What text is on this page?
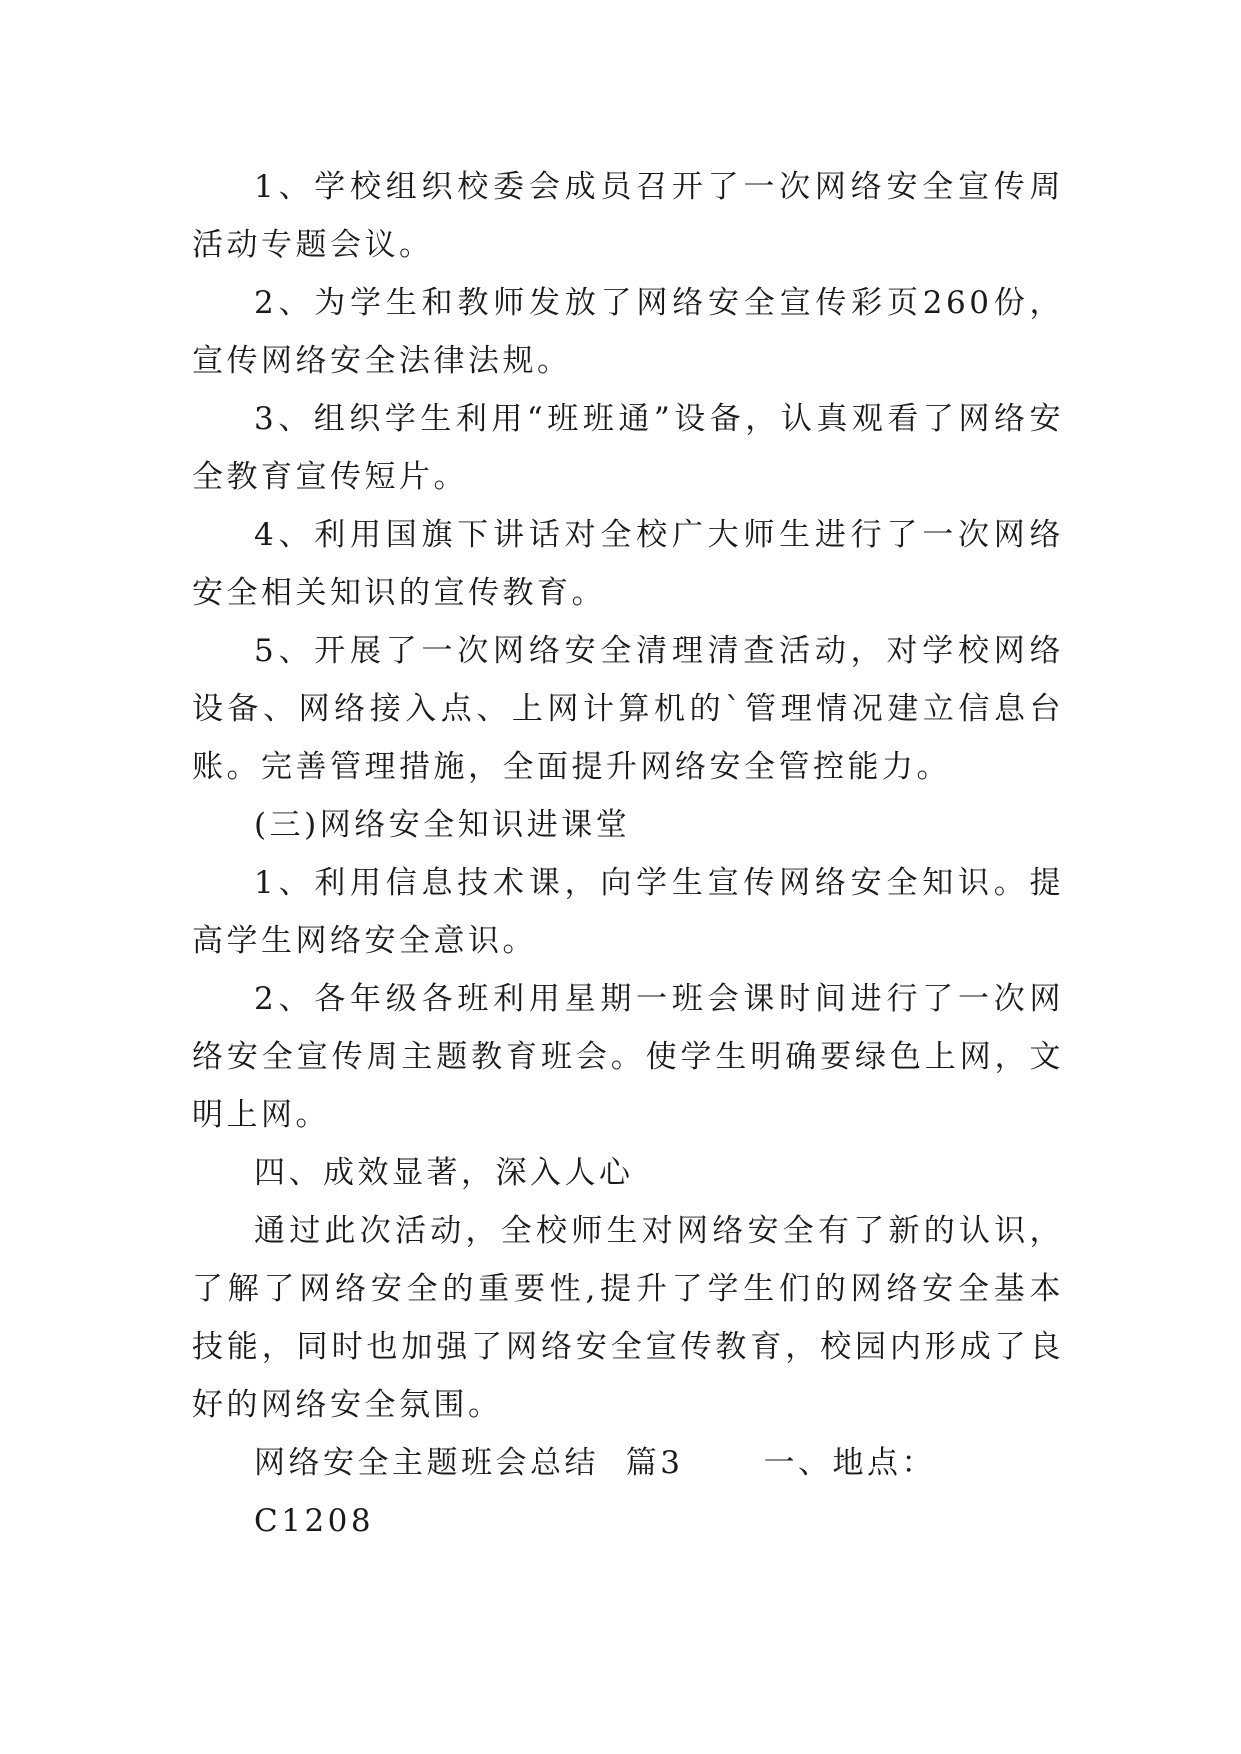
1、学校组织校委会成员召开了一次网络安全宣传周活动专题会议。

2、为学生和教师发放了网络安全宣传彩页260份，宣传网络安全法律法规。

3、组织学生利用“班班通”设备，认真观看了网络安全教育宣传短片。

4、利用国旗下讲话对全校广大师生进行了一次网络安全相关知识的宣传教育。

5、开展了一次网络安全清理清查活动，对学校网络设备、网络接入点、上网计算机的`管理情况建立信息台账。完善管理措施，全面提升网络安全管控能力。

(三)网络安全知识进课堂

1、利用信息技术课，向学生宣传网络安全知识。提高学生网络安全意识。

2、各年级各班利用星期一班会课时间进行了一次网络安全宣传周主题教育班会。使学生明确要绿色上网，文明上网。

四、成效显著，深入人心

通过此次活动，全校师生对网络安全有了新的认识，了解了网络安全的重要性,提升了学生们的网络安全基本技能，同时也加强了网络安全宣传教育，校园内形成了良好的网络安全氛围。

网络安全主题班会总结  篇3      一、地点：

C1208
